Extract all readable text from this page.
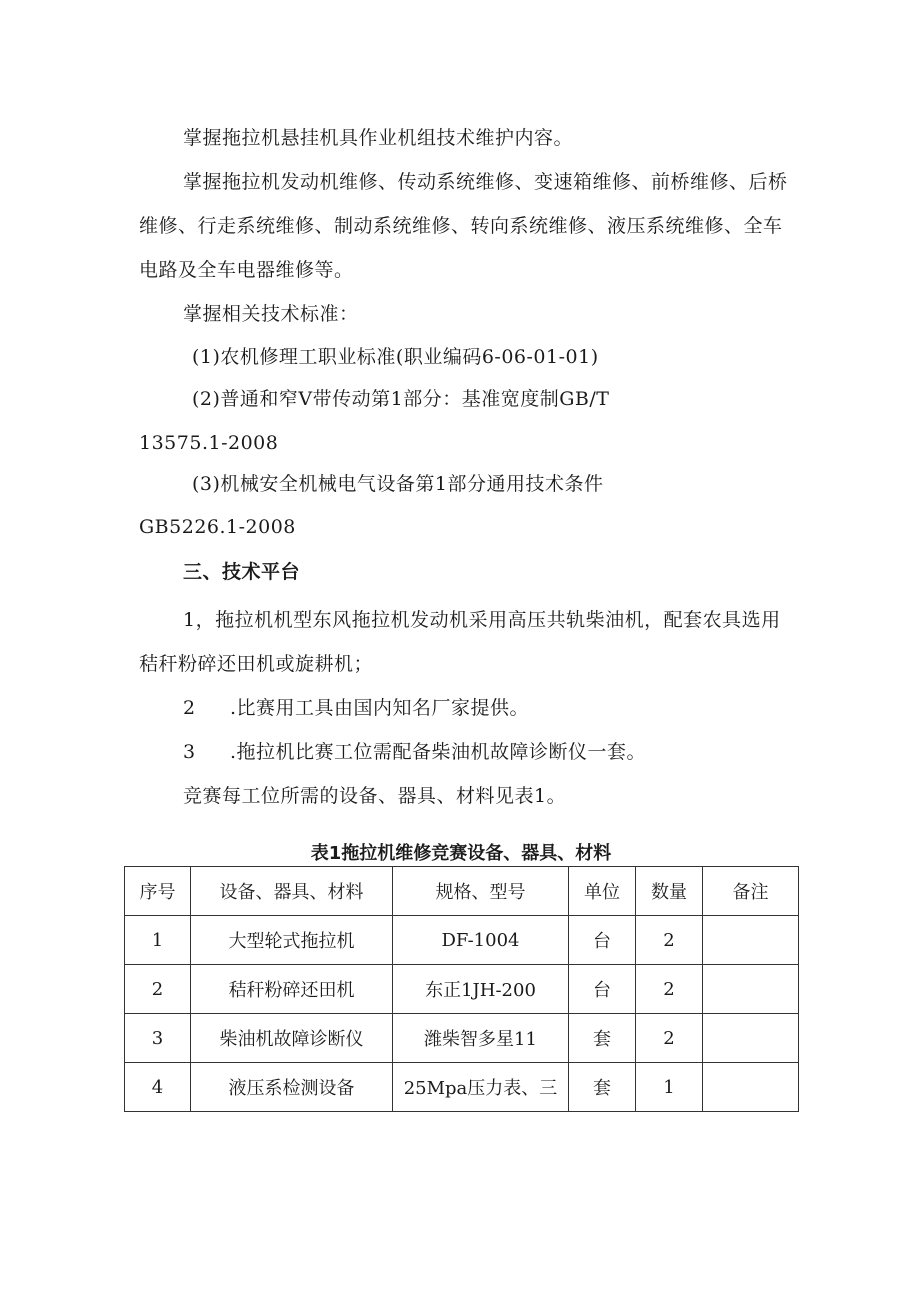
掌握拖拉机悬挂机具作业机组技术维护内容。
掌握拖拉机发动机维修、传动系统维修、变速箱维修、前桥维修、后桥
维修、行走系统维修、制动系统维修、转向系统维修、液压系统维修、全车
电路及全车电器维修等。
掌握相关技术标准：
(1)农机修理工职业标准(职业编码6-06-01-01)
(2)普通和窄V带传动第1部分：基准宽度制GB/T
13575.1-2008
(3)机械安全机械电气设备第1部分通用技术条件
GB5226.1-2008
三、技术平台
1，拖拉机机型东风拖拉机发动机采用高压共轨柴油机，配套农具选用
秸秆粉碎还田机或旋耕机；
2 .比赛用工具由国内知名厂家提供。
3 .拖拉机比赛工位需配备柴油机故障诊断仪一套。
竞赛每工位所需的设备、器具、材料见表1。
表1拖拉机维修竞赛设备、器具、材料
序号	设备、器具、材料	规格、型号	单位	数量	备注
1	大型轮式拖拉机	DF-1004	台	2	
2	秸秆粉碎还田机	东正1JH-200	台	2	
3	柴油机故障诊断仪	潍柴智多星11	套	2	
4	液压系检测设备	25Mpa压力表、三	套	1	
